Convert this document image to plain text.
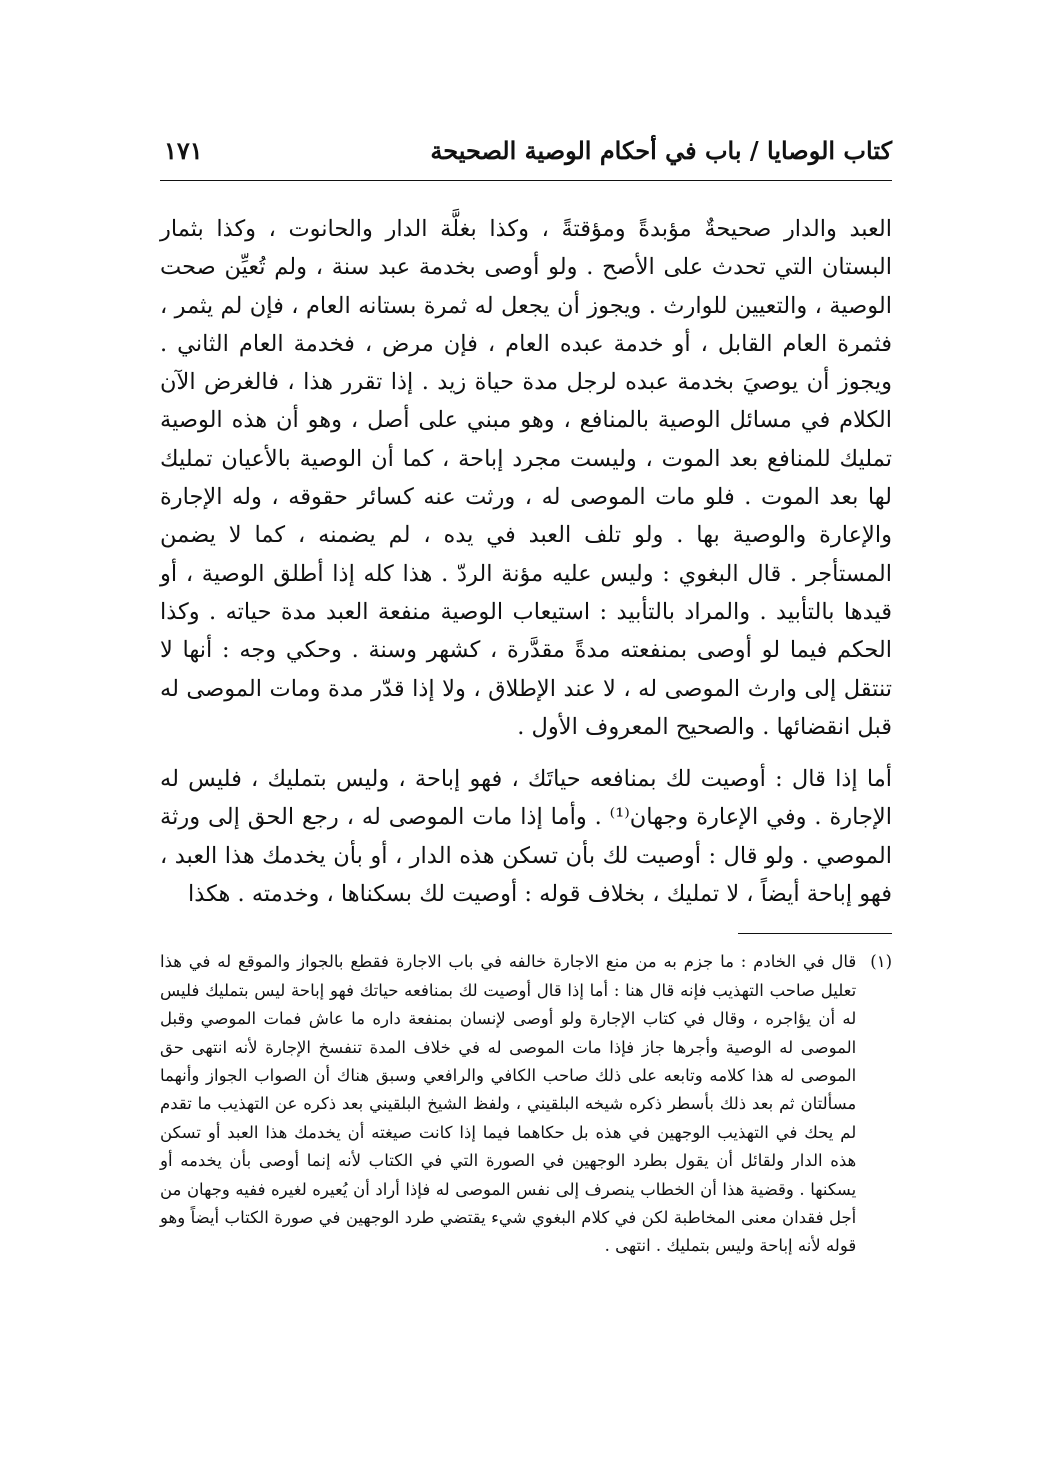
كتاب الوصايا / باب في أحكام الوصية الصحيحة
١٧١

العبد والدار صحيحةٌ مؤبدةً ومؤقتةً ، وكذا بغلَّة الدار والحانوت ، وكذا بثمار البستان التي تحدث على الأصح . ولو أوصى بخدمة عبد سنة ، ولم تُعيِّن صحت الوصية ، والتعيين للوارث . ويجوز أن يجعل له ثمرة بستانه العام ، فإن لم يثمر ، فثمرة العام القابل ، أو خدمة عبده العام ، فإن مرض ، فخدمة العام الثاني . ويجوز أن يوصيَ بخدمة عبده لرجل مدة حياة زيد . إذا تقرر هذا ، فالغرض الآن الكلام في مسائل الوصية بالمنافع ، وهو مبني على أصل ، وهو أن هذه الوصية تمليك للمنافع بعد الموت ، وليست مجرد إباحة ، كما أن الوصية بالأعيان تمليك لها بعد الموت . فلو مات الموصى له ، ورثت عنه كسائر حقوقه ، وله الإجارة والإعارة والوصية بها . ولو تلف العبد في يده ، لم يضمنه ، كما لا يضمن المستأجر . قال البغوي : وليس عليه مؤنة الردّ . هذا كله إذا أطلق الوصية ، أو قيدها بالتأبيد . والمراد بالتأبيد : استيعاب الوصية منفعة العبد مدة حياته . وكذا الحكم فيما لو أوصى بمنفعته مدةً مقدَّرة ، كشهر وسنة . وحكي وجه : أنها لا تنتقل إلى وارث الموصى له ، لا عند الإطلاق ، ولا إذا قدّر مدة ومات الموصى له قبل انقضائها . والصحيح المعروف الأول .

أما إذا قال : أوصيت لك بمنافعه حياتَك ، فهو إباحة ، وليس بتمليك ، فليس له الإجارة . وفي الإعارة وجهان⁽¹⁾ . وأما إذا مات الموصى له ، رجع الحق إلى ورثة الموصي . ولو قال : أوصيت لك بأن تسكن هذه الدار ، أو بأن يخدمك هذا العبد ، فهو إباحة أيضاً ، لا تمليك ، بخلاف قوله : أوصيت لك بسكناها ، وخدمته . هكذا

(١)

قال في الخادم : ما جزم به من منع الاجارة خالفه في باب الاجارة فقطع بالجواز والموقع له في هذا تعليل صاحب التهذيب فإنه قال هنا : أما إذا قال أوصيت لك بمنافعه حياتك فهو إباحة ليس بتمليك فليس له أن يؤاجره ، وقال في كتاب الإجارة ولو أوصى لإنسان بمنفعة داره ما عاش فمات الموصي وقبل الموصى له الوصية وأجرها جاز فإذا مات الموصى له في خلاف المدة تنفسخ الإجارة لأنه انتهى حق الموصى له هذا كلامه وتابعه على ذلك صاحب الكافي والرافعي وسبق هناك أن الصواب الجواز وأنهما مسألتان ثم بعد ذلك بأسطر ذكره شيخه البلقيني ، ولفظ الشيخ البلقيني بعد ذكره عن التهذيب ما تقدم لم يحك في التهذيب الوجهين في هذه بل حكاهما فيما إذا كانت صيغته أن يخدمك هذا العبد أو تسكن هذه الدار ولقائل أن يقول بطرد الوجهين في الصورة التي في الكتاب لأنه إنما أوصى بأن يخدمه أو يسكنها . وقضية هذا أن الخطاب ينصرف إلى نفس الموصى له فإذا أراد أن يُعيره لغيره ففيه وجهان من أجل فقدان معنى المخاطبة لكن في كلام البغوي شيء يقتضي طرد الوجهين في صورة الكتاب أيضاً وهو قوله لأنه إباحة وليس بتمليك . انتهى .
